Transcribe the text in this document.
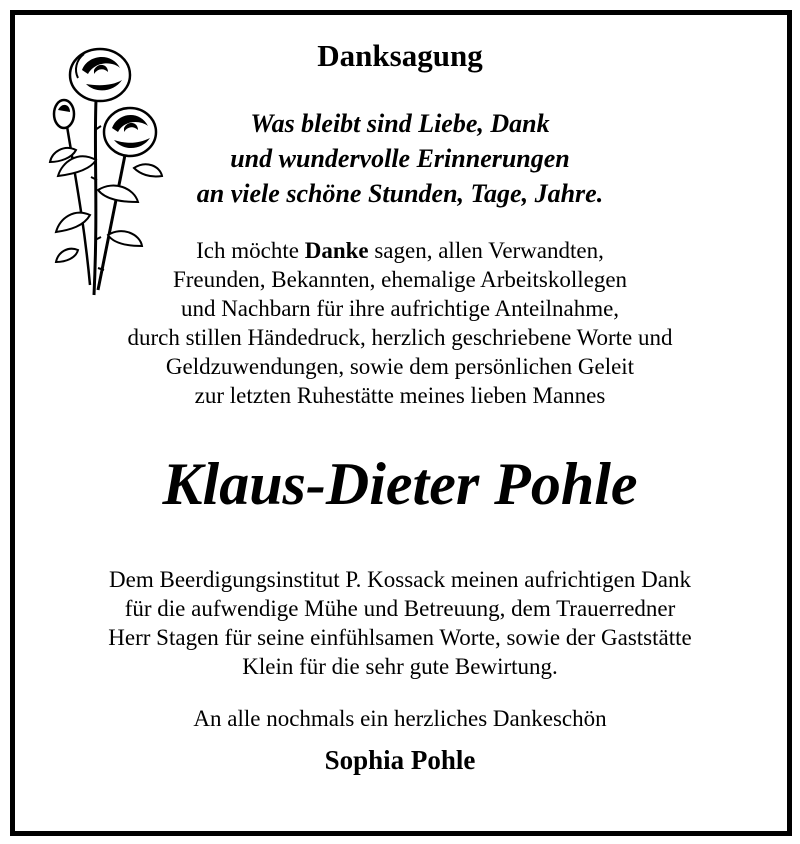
Danksagung
Was bleibt sind Liebe, Dank
und wundervolle Erinnerungen
an viele schöne Stunden, Tage, Jahre.
Ich möchte Danke sagen, allen Verwandten,
Freunden, Bekannten, ehemalige Arbeitskollegen
und Nachbarn für ihre aufrichtige Anteilnahme,
durch stillen Händedruck, herzlich geschriebene Worte und
Geldzuwendungen, sowie dem persönlichen Geleit
zur letzten Ruhestätte meines lieben Mannes
Klaus-Dieter Pohle
Dem Beerdigungsinstitut P. Kossack meinen aufrichtigen Dank
für die aufwendige Mühe und Betreuung, dem Trauerredner
Herr Stagen für seine einfühlsamen Worte, sowie der Gaststätte
Klein für die sehr gute Bewirtung.
An alle nochmals ein herzliches Dankeschön
Sophia Pohle
